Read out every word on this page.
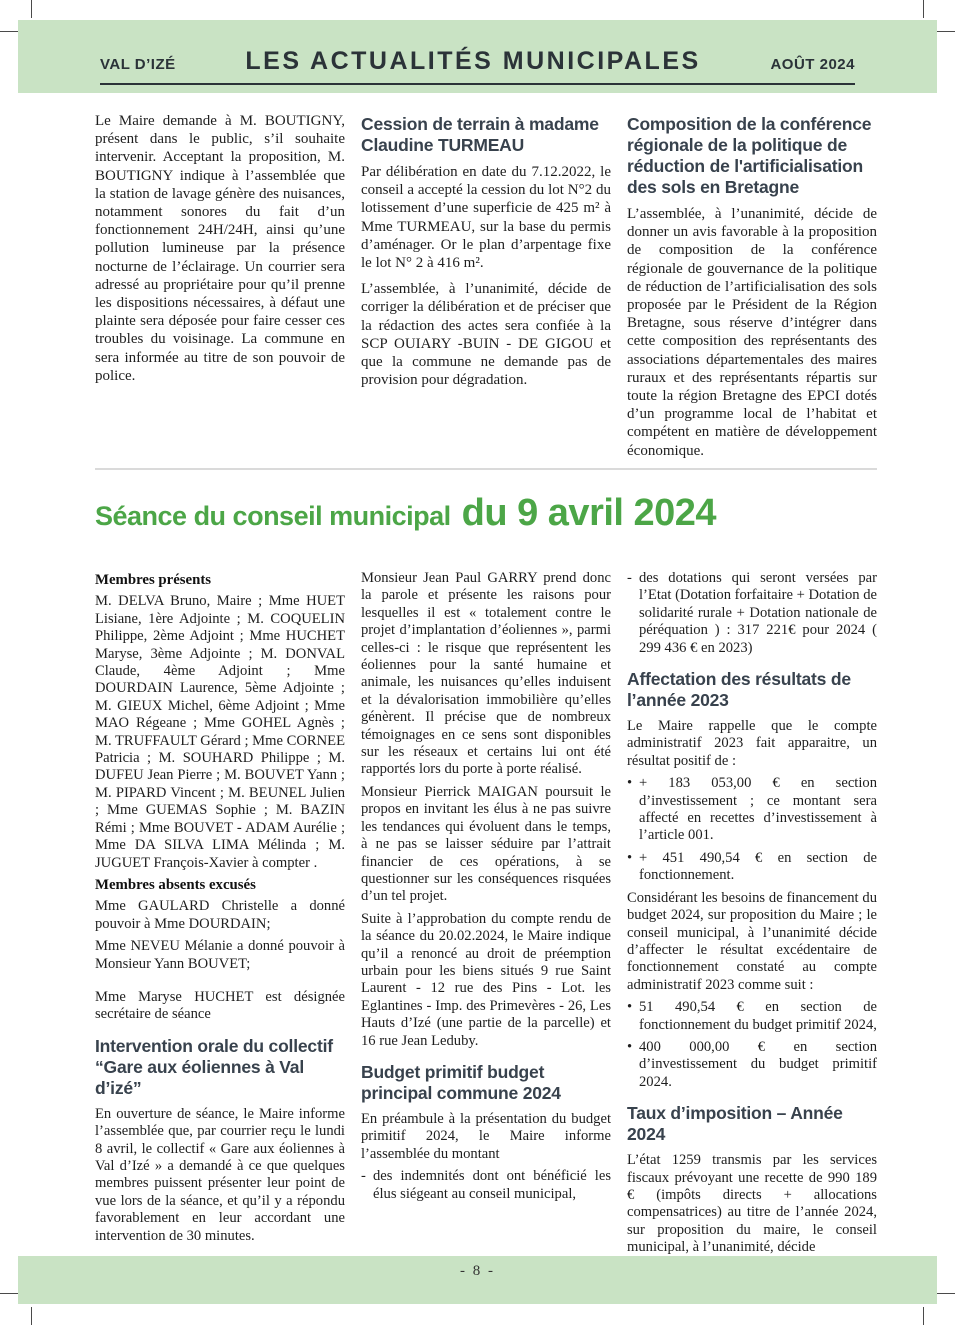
VAL D’IZÉ	LES ACTUALITÉS MUNICIPALES	AOÛT 2024

Le Maire demande à M. BOUTIGNY, présent dans le public, s’il souhaite intervenir. Acceptant la proposition, M. BOUTIGNY indique à l’assemblée que la station de lavage génère des nuisances, notamment sonores du fait d’un fonctionnement 24H/24H, ainsi qu’une pollution lumineuse par la présence nocturne de l’éclairage. Un courrier sera adressé au propriétaire pour qu’il prenne les dispositions nécessaires, à défaut une plainte sera déposée pour faire cesser ces troubles du voisinage. La commune en sera informée au titre de son pouvoir de police.

Cession de terrain à madame Claudine TURMEAU

Par délibération en date du 7.12.2022, le conseil a accepté la cession du lot N°2 du lotissement d’une superficie de 425 m² à Mme TURMEAU, sur la base du permis d’aménager. Or le plan d’arpentage fixe le lot N° 2 à 416 m².

L’assemblée, à l’unanimité, décide de corriger la délibération et de préciser que la rédaction des actes sera confiée à la SCP OUIARY -BUIN - DE GIGOU et que la commune ne demande pas de provision pour dégradation.

Composition de la conférence régionale de la politique de réduction de l'artificialisation des sols en Bretagne

L’assemblée, à l’unanimité, décide de donner un avis favorable à la proposition de composition de la conférence régionale de gouvernance de la politique de réduction de l’artificialisation des sols proposée par le Président de la Région Bretagne, sous réserve d’intégrer dans cette composition des représentants des associations départementales des maires ruraux et des représentants répartis sur toute la région Bretagne des EPCI dotés d’un programme local de l’habitat et compétent en matière de développement économique.

Séance du conseil municipal du 9 avril 2024
Membres présents

M. DELVA Bruno, Maire ; Mme HUET Lisiane, 1ère Adjointe ; M. COQUELIN Philippe, 2ème Adjoint ; Mme HUCHET Maryse, 3ème Adjointe ; M. DONVAL Claude, 4ème Adjoint ; Mme DOURDAIN Laurence, 5ème Adjointe ; M. GIEUX Michel, 6ème Adjoint ; Mme MAO Régeane ; Mme GOHEL Agnès ; M. TRUFFAULT Gérard ; Mme CORNEE Patricia ; M. SOUHARD Philippe ; M. DUFEU Jean Pierre ; M. BOUVET Yann ; M. PIPARD Vincent ; M. BEUNEL Julien ; Mme GUEMAS Sophie ; M. BAZIN Rémi ; Mme BOUVET - ADAM Aurélie ; Mme DA SILVA LIMA Mélinda ; M. JUGUET François-Xavier à compter .

Membres absents excusés

Mme GAULARD Christelle a donné pouvoir à Mme DOURDAIN;

Mme NEVEU Mélanie a donné pouvoir à Monsieur Yann BOUVET;

Mme Maryse HUCHET est désignée secrétaire de séance

Intervention orale du collectif “Gare aux éoliennes à Val d’izé”

En ouverture de séance, le Maire informe l’assemblée que, par courrier reçu le lundi 8 avril, le collectif « Gare aux éoliennes à Val d’Izé » a demandé à ce que quelques membres puissent présenter leur point de vue lors de la séance, et qu’il y a répondu favorablement en leur accordant une intervention de 30 minutes.

Monsieur Jean Paul GARRY prend donc la parole et présente les raisons pour lesquelles il est « totalement contre le projet d’implantation d’éoliennes », parmi celles-ci : le risque que représentent les éoliennes pour la santé humaine et animale, les nuisances qu’elles induisent et la dévalorisation immobilière qu’elles génèrent. Il précise que de nombreux témoignages en ce sens sont disponibles sur les réseaux et certains lui ont été rapportés lors du porte à porte réalisé.

Monsieur Pierrick MAIGAN poursuit le propos en invitant les élus à ne pas suivre les tendances qui évoluent dans le temps, à ne pas se laisser séduire par l’attrait financier de ces opérations, à se questionner sur les conséquences risquées d’un tel projet.

Suite à l’approbation du compte rendu de la séance du 20.02.2024, le Maire indique qu’il a renoncé au droit de préemption urbain pour les biens situés 9 rue Saint Laurent - 12 rue des Pins - Lot. les Eglantines - Imp. des Primevères - 26, Les Hauts d’Izé (une partie de la parcelle) et 16 rue Jean Leduby.

Budget primitif budget principal commune 2024

En préambule à la présentation du budget primitif 2024, le Maire informe l’assemblée du montant

- des indemnités dont ont bénéficié les élus siégeant au conseil municipal,
- des dotations qui seront versées par l’Etat (Dotation forfaitaire + Dotation de solidarité rurale + Dotation nationale de péréquation ) : 317 221€ pour 2024 ( 299 436 € en 2023)
Affectation des résultats de l’année 2023

Le Maire rappelle que le compte administratif 2023 fait apparaitre, un résultat positif de :

• + 183 053,00 € en section d’investissement ; ce montant sera affecté en recettes d’investissement à l’article 001.
• + 451 490,54 € en section de fonctionnement.

Considérant les besoins de financement du budget 2024, sur proposition du Maire ; le conseil municipal, à l’unanimité décide d’affecter le résultat excédentaire de fonctionnement constaté au compte administratif 2023 comme suit :

• 51 490,54 € en section de fonctionnement du budget primitif 2024,
• 400 000,00 € en section d’investissement du budget primitif 2024.
Taux d’imposition – Année 2024

L’état 1259 transmis par les services fiscaux prévoyant une recette de 990 189 € (impôts directs + allocations compensatrices) au titre de l’année 2024, sur proposition du maire, le conseil municipal, à l’unanimité, décide

- 8 -
